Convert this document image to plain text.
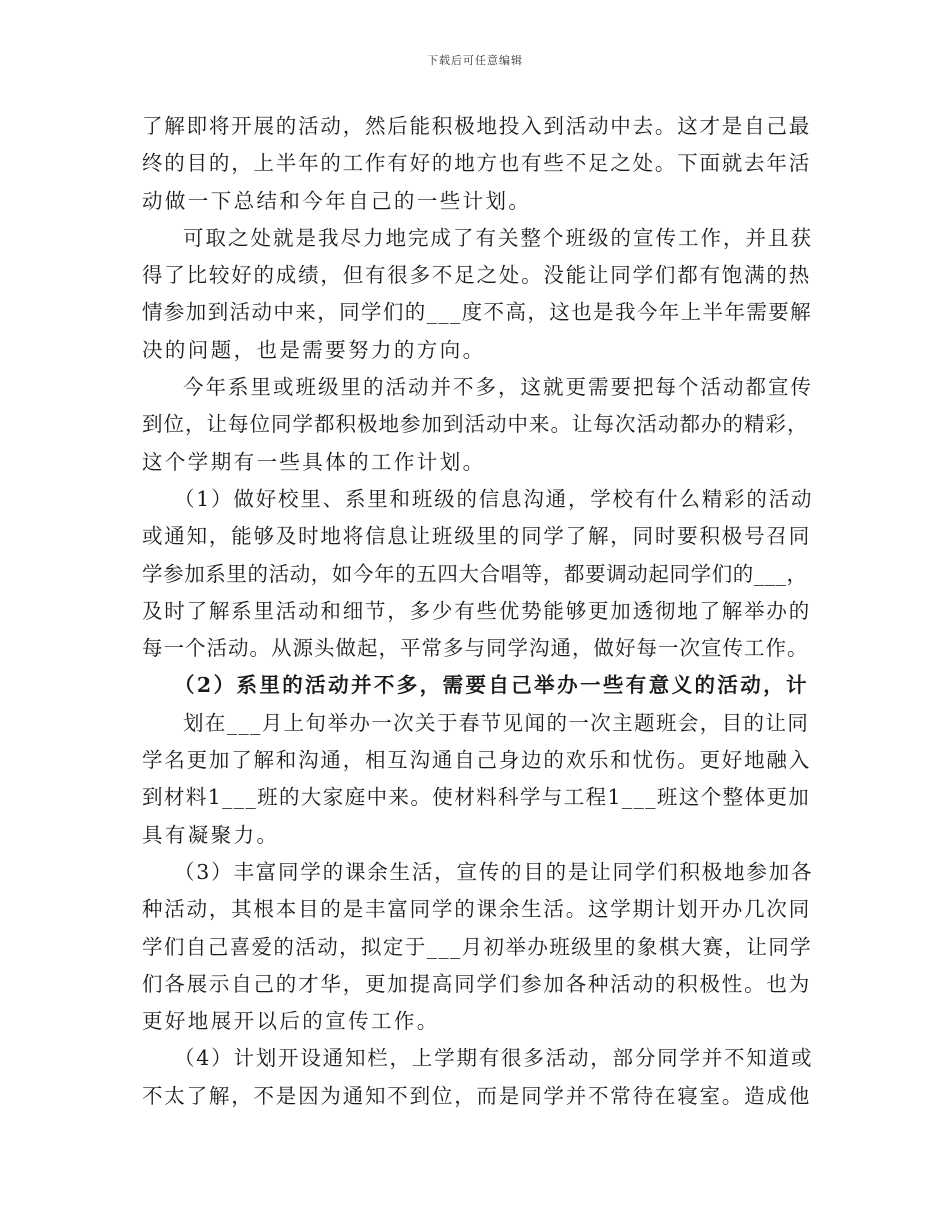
下载后可任意编辑
了解即将开展的活动，然后能积极地投入到活动中去。这才是自己最
终的目的，上半年的工作有好的地方也有些不足之处。下面就去年活
动做一下总结和今年自己的一些计划。
可取之处就是我尽力地完成了有关整个班级的宣传工作，并且获
得了比较好的成绩，但有很多不足之处。没能让同学们都有饱满的热
情参加到活动中来，同学们的___度不高，这也是我今年上半年需要解
决的问题，也是需要努力的方向。
今年系里或班级里的活动并不多，这就更需要把每个活动都宣传
到位，让每位同学都积极地参加到活动中来。让每次活动都办的精彩，
这个学期有一些具体的工作计划。
（1）做好校里、系里和班级的信息沟通，学校有什么精彩的活动
或通知，能够及时地将信息让班级里的同学了解，同时要积极号召同
学参加系里的活动，如今年的五四大合唱等，都要调动起同学们的___，
及时了解系里活动和细节，多少有些优势能够更加透彻地了解举办的
每一个活动。从源头做起，平常多与同学沟通，做好每一次宣传工作。
（2）系里的活动并不多，需要自己举办一些有意义的活动，计
划在___月上旬举办一次关于春节见闻的一次主题班会，目的让同
学名更加了解和沟通，相互沟通自己身边的欢乐和忧伤。更好地融入
到材料1___班的大家庭中来。使材料科学与工程1___班这个整体更加
具有凝聚力。
（3）丰富同学的课余生活，宣传的目的是让同学们积极地参加各
种活动，其根本目的是丰富同学的课余生活。这学期计划开办几次同
学们自己喜爱的活动，拟定于___月初举办班级里的象棋大赛，让同学
们各展示自己的才华，更加提高同学们参加各种活动的积极性。也为
更好地展开以后的宣传工作。
（4）计划开设通知栏，上学期有很多活动，部分同学并不知道或
不太了解，不是因为通知不到位，而是同学并不常待在寝室。造成他
